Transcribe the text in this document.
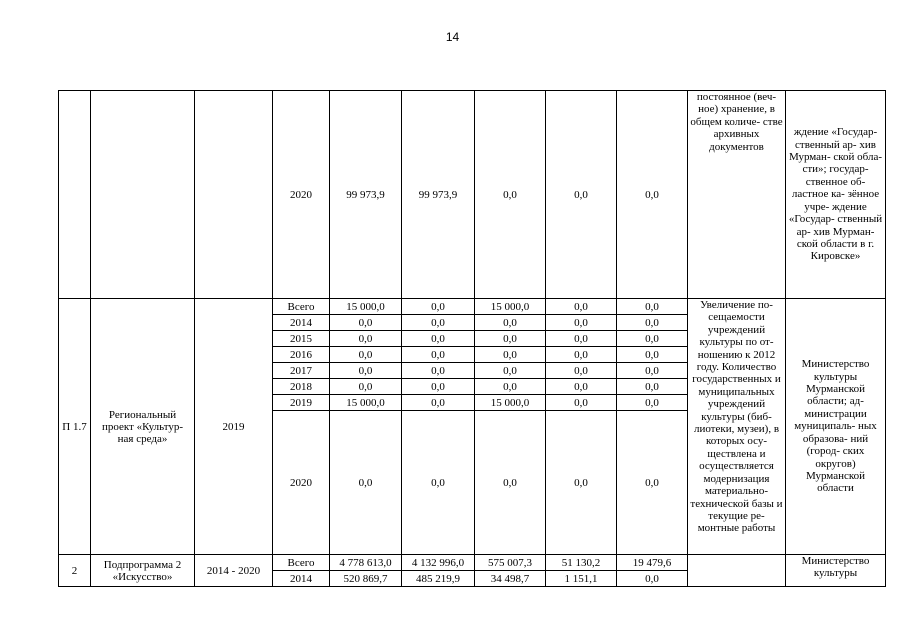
14
			2020	99 973,9	99 973,9	0,0	0,0	0,0	постоянное (веч- ное) хранение, в общем количе- стве архивных документов	ждение «Государ- ственный ар- хив Мурман- ской обла- сти»; государ- ственное об- ластное ка- зённое учре- ждение «Государ- ственный ар- хив Мурман- ской области в г. Кировске»
П 1.7	Региональный проект «Культур- ная среда»	2019	Всего	15 000,0	0,0	15 000,0	0,0	0,0	Увеличение по- сещаемости учреждений культуры по от- ношению к 2012 году. Количество государственных и муниципальных учреждений культуры (биб- лиотеки, музеи), в которых осу- ществлена и осуществляется модернизация материально- технической базы и текущие ре- монтные работы	Министерство культуры Мурманской области; ад- министрации муниципаль- ных образова- ний (город- ских округов) Мурманской области
			2014	0,0	0,0	0,0	0,0	0,0		
			2015	0,0	0,0	0,0	0,0	0,0		
			2016	0,0	0,0	0,0	0,0	0,0		
			2017	0,0	0,0	0,0	0,0	0,0		
			2018	0,0	0,0	0,0	0,0	0,0		
			2019	15 000,0	0,0	15 000,0	0,0	0,0		
			2020	0,0	0,0	0,0	0,0	0,0		
2	Подпрограмма 2 «Искусство»	2014 - 2020	Всего	4 778 613,0	4 132 996,0	575 007,3	51 130,2	19 479,6		Министерство культуры
			2014	520 869,7	485 219,9	34 498,7	1 151,1	0,0		
